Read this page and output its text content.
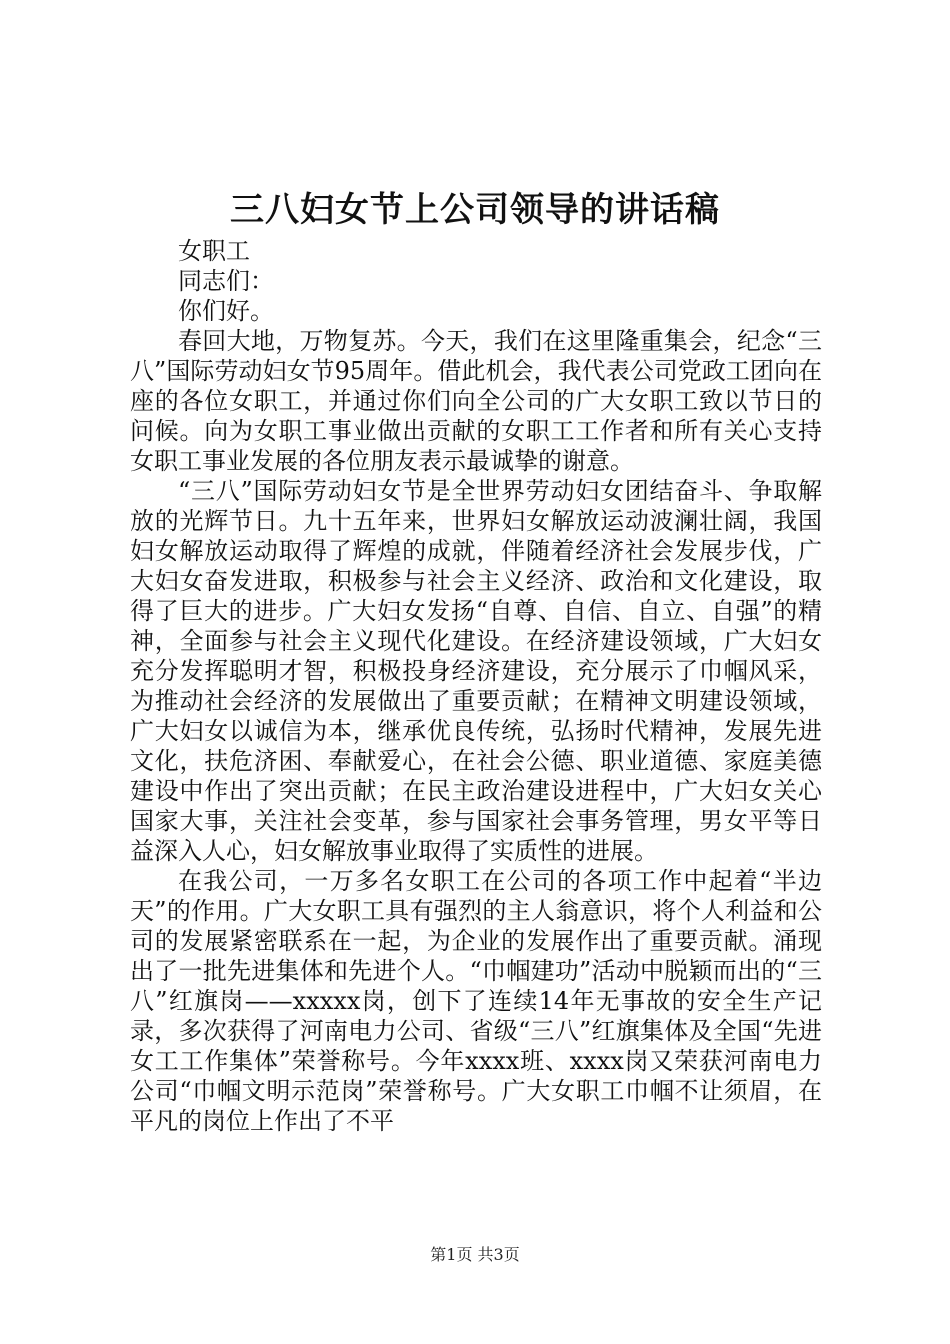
三八妇女节上公司领导的讲话稿

女职工

同志们：

你们好。

春回大地，万物复苏。今天，我们在这里隆重集会，纪念“三八”国际劳动妇女节95周年。借此机会，我代表公司党政工团向在座的各位女职工，并通过你们向全公司的广大女职工致以节日的问候。向为女职工事业做出贡献的女职工工作者和所有关心支持女职工事业发展的各位朋友表示最诚挚的谢意。

“三八”国际劳动妇女节是全世界劳动妇女团结奋斗、争取解放的光辉节日。九十五年来，世界妇女解放运动波澜壮阔，我国妇女解放运动取得了辉煌的成就，伴随着经济社会发展步伐，广大妇女奋发进取，积极参与社会主义经济、政治和文化建设，取得了巨大的进步。广大妇女发扬“自尊、自信、自立、自强”的精神，全面参与社会主义现代化建设。在经济建设领域，广大妇女充分发挥聪明才智，积极投身经济建设，充分展示了巾帼风采，为推动社会经济的发展做出了重要贡献；在精神文明建设领域，广大妇女以诚信为本，继承优良传统，弘扬时代精神，发展先进文化，扶危济困、奉献爱心，在社会公德、职业道德、家庭美德建设中作出了突出贡献；在民主政治建设进程中，广大妇女关心国家大事，关注社会变革，参与国家社会事务管理，男女平等日益深入人心，妇女解放事业取得了实质性的进展。

在我公司，一万多名女职工在公司的各项工作中起着“半边天”的作用。广大女职工具有强烈的主人翁意识，将个人利益和公司的发展紧密联系在一起，为企业的发展作出了重要贡献。涌现出了一批先进集体和先进个人。“巾帼建功”活动中脱颖而出的“三八”红旗岗——xxxxx岗，创下了连续14年无事故的安全生产记录，多次获得了河南电力公司、省级“三八”红旗集体及全国“先进女工工作集体”荣誉称号。今年xxxx班、xxxx岗又荣获河南电力公司“巾帼文明示范岗”荣誉称号。广大女职工巾帼不让须眉，在平凡的岗位上作出了不平

第1页 共3页
